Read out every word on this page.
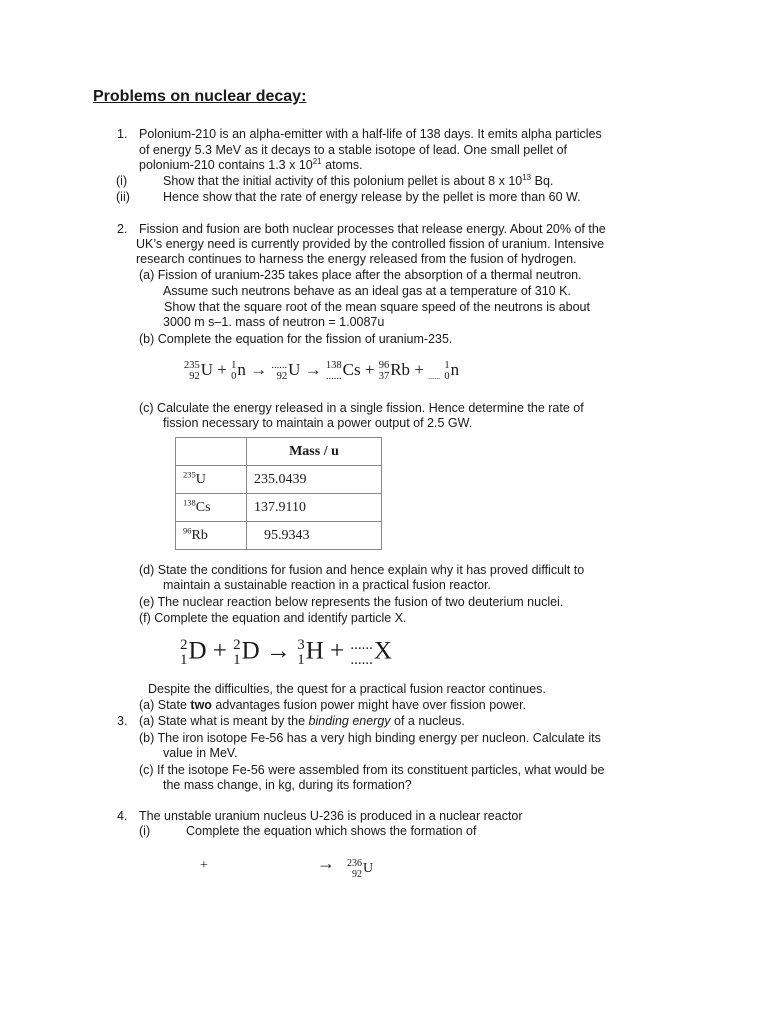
Problems on nuclear decay:
1. Polonium-210 is an alpha-emitter with a half-life of 138 days. It emits alpha particles
of energy 5.3 MeV as it decays to a stable isotope of lead. One small pellet of
polonium-210 contains 1.3 x $10^{21}$ atoms.
(i)	Show that the initial activity of this polonium pellet is about 8 x $10^{13}$ Bq.
(ii)	Hence show that the rate of energy release by the pellet is more than 60 W.
2. Fission and fusion are both nuclear processes that release energy. About 20% of the
UK’s energy need is currently provided by the controlled fission of uranium. Intensive
research continues to harness the energy released from the fusion of hydrogen.
(a) Fission of uranium-235 takes place after the absorption of a thermal neutron.
Assume such neutrons behave as an ideal gas at a temperature of 310 K.
Show that the square root of the mean square speed of the neutrons is about
3000 m s–1. mass of neutron = 1.0087u
(b) Complete the equation for the fission of uranium-235.
235
92 U + 1
0 n → ......
92 U → 138
...... Cs + 96
37 Rb + $_{......}$
1
0 n
(c) Calculate the energy released in a single fission. Hence determine the rate of
fission necessary to maintain a power output of 2.5 GW.
	Mass / u
$^{235}$U	235.0439
$^{138}$Cs	137.9110
$^{96}$Rb	95.9343
(d) State the conditions for fusion and hence explain why it has proved difficult to
maintain a sustainable reaction in a practical fusion reactor.
(e) The nuclear reaction below represents the fusion of two deuterium nuclei.
(f) Complete the equation and identify particle X.
2
1 D + 2
1 D → 3
1 H + ......
...... X
Despite the difficulties, the quest for a practical fusion reactor continues.
(a) State two advantages fusion power might have over fission power.
3. (a) State what is meant by the binding energy of a nucleus.
(b) The iron isotope Fe-56 has a very high binding energy per nucleon. Calculate its
value in MeV.
(c) If the isotope Fe-56 were assembled from its constituent particles, what would be
the mass change, in kg, during its formation?
4. The unstable uranium nucleus U-236 is produced in a nuclear reactor
(i)	Complete the equation which shows the formation of
+	→ 236
92 U
